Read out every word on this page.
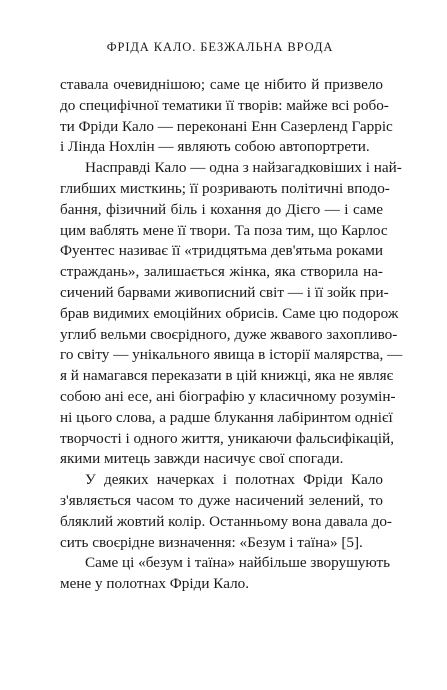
ФРІДА КАЛО. БЕЗЖАЛЬНА ВРОДА
ставала очевиднішою; саме це нібито й призвело
до специфічної тематики її творів: майже всі робо-
ти Фріди Кало — переконані Енн Сазерленд Гарріс
і Лінда Нохлін — являють собою автопортрети.
Насправді Кало — одна з найзагадковіших і най-
глибших мисткинь; її розривають політичні вподо-
бання, фізичний біль і кохання до Дієго — і саме
цим ваблять мене її твори. Та поза тим, що Карлос
Фуентес називає її «тридцятьма дев'ятьма роками
страждань», залишається жінка, яка створила на-
сичений барвами живописний світ — і її зойк при-
брав видимих емоційних обрисів. Саме цю подорож
углиб вельми своєрідного, дуже жвавого захопливо-
го світу — унікального явища в історії малярства, —
я й намагався переказати в цій книжці, яка не являє
собою ані есе, ані біографію у класичному розумін-
ні цього слова, а радше блукання лабіринтом однієї
творчості і одного життя, уникаючи фальсифікацій,
якими митець завжди насичує свої спогади.
У деяких начерках і полотнах Фріди Кало
з'являється часом то дуже насичений зелений, то
бляклий жовтий колір. Останньому вона давала до-
сить своєрідне визначення: «Безум і таїна» [5].
Саме ці «безум і таїна» найбільше зворушують
мене у полотнах Фріди Кало.
